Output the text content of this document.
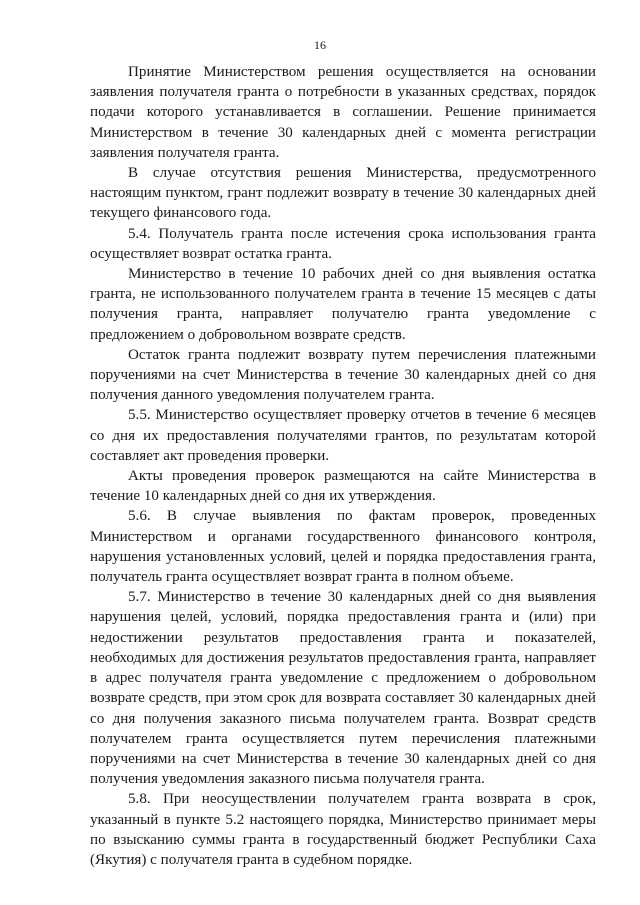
16

Принятие Министерством решения осуществляется на основании заявления получателя гранта о потребности в указанных средствах, порядок подачи которого устанавливается в соглашении. Решение принимается Министерством в течение 30 календарных дней с момента регистрации заявления получателя гранта.

В случае отсутствия решения Министерства, предусмотренного настоящим пунктом, грант подлежит возврату в течение 30 календарных дней текущего финансового года.

5.4. Получатель гранта после истечения срока использования гранта осуществляет возврат остатка гранта.

Министерство в течение 10 рабочих дней со дня выявления остатка гранта, не использованного получателем гранта в течение 15 месяцев с даты получения гранта, направляет получателю гранта уведомление с предложением о добровольном возврате средств.

Остаток гранта подлежит возврату путем перечисления платежными поручениями на счет Министерства в течение 30 календарных дней со дня получения данного уведомления получателем гранта.

5.5. Министерство осуществляет проверку отчетов в течение 6 месяцев со дня их предоставления получателями грантов, по результатам которой составляет акт проведения проверки.

Акты проведения проверок размещаются на сайте Министерства в течение 10 календарных дней со дня их утверждения.

5.6. В случае выявления по фактам проверок, проведенных Министерством и органами государственного финансового контроля, нарушения установленных условий, целей и порядка предоставления гранта, получатель гранта осуществляет возврат гранта в полном объеме.

5.7. Министерство в течение 30 календарных дней со дня выявления нарушения целей, условий, порядка предоставления гранта и (или) при недостижении результатов предоставления гранта и показателей, необходимых для достижения результатов предоставления гранта, направляет в адрес получателя гранта уведомление с предложением о добровольном возврате средств, при этом срок для возврата составляет 30 календарных дней со дня получения заказного письма получателем гранта. Возврат средств получателем гранта осуществляется путем перечисления платежными поручениями на счет Министерства в течение 30 календарных дней со дня получения уведомления заказного письма получателя гранта.

5.8. При неосуществлении получателем гранта возврата в срок, указанный в пункте 5.2 настоящего порядка, Министерство принимает меры по взысканию суммы гранта в государственный бюджет Республики Саха (Якутия) с получателя гранта в судебном порядке.
